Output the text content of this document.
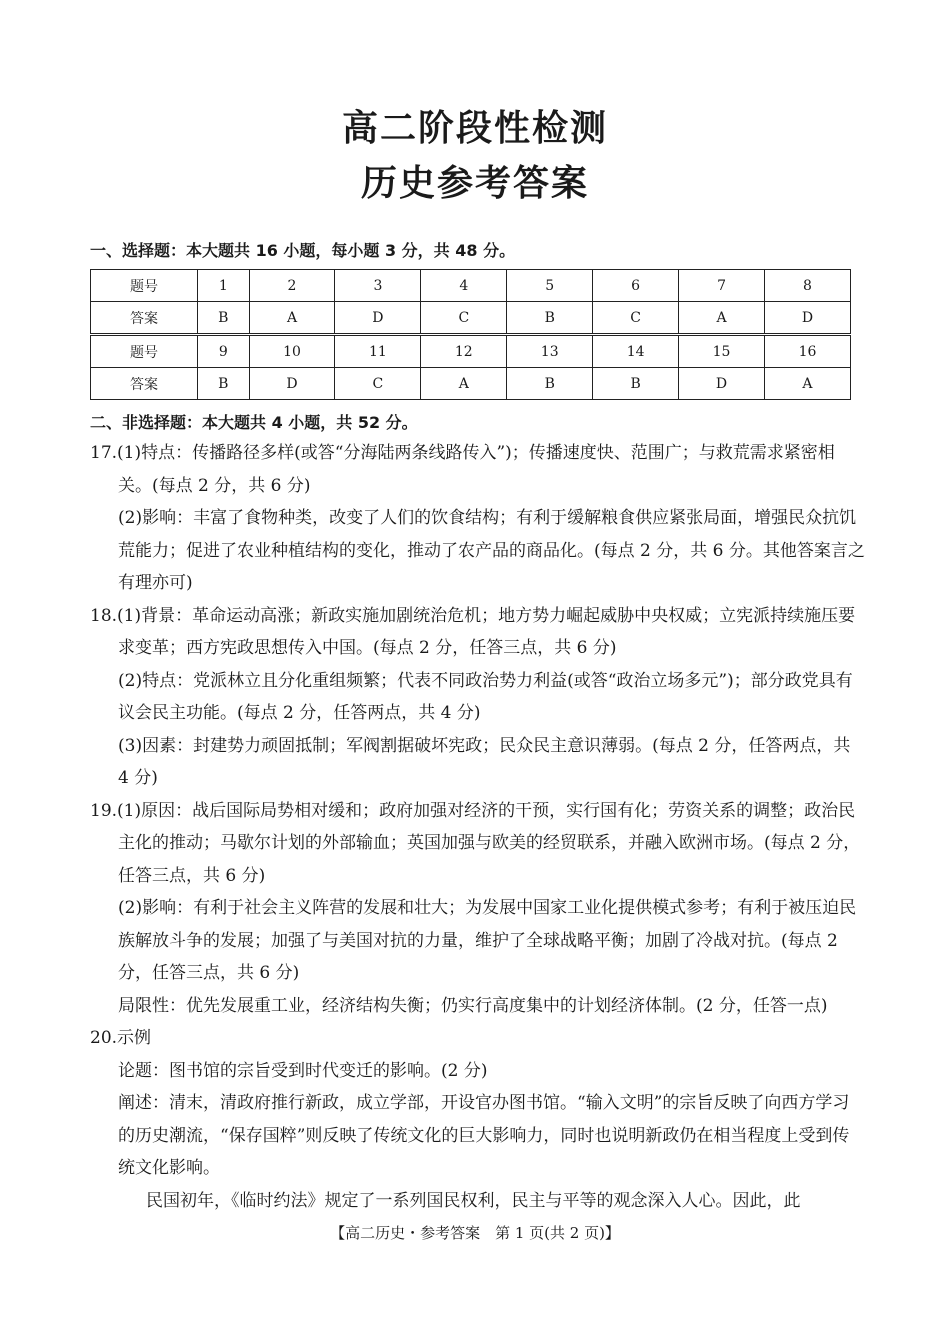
高二阶段性检测
历史参考答案
一、选择题：本大题共 16 小题，每小题 3 分，共 48 分。
题号	1	2	3	4	5	6	7	8
答案	B	A	D	C	B	C	A	D
题号	9	10	11	12	13	14	15	16
答案	B	D	C	A	B	B	D	A
二、非选择题：本大题共 4 小题，共 52 分。

17.(1)特点：传播路径多样(或答“分海陆两条线路传入”)；传播速度快、范围广；与救荒需求紧密相关。(每点 2 分，共 6 分)

(2)影响：丰富了食物种类，改变了人们的饮食结构；有利于缓解粮食供应紧张局面，增强民众抗饥荒能力；促进了农业种植结构的变化，推动了农产品的商品化。(每点 2 分，共 6 分。其他答案言之有理亦可)

18.(1)背景：革命运动高涨；新政实施加剧统治危机；地方势力崛起威胁中央权威；立宪派持续施压要求变革；西方宪政思想传入中国。(每点 2 分，任答三点，共 6 分)

(2)特点：党派林立且分化重组频繁；代表不同政治势力利益(或答“政治立场多元”)；部分政党具有议会民主功能。(每点 2 分，任答两点，共 4 分)

(3)因素：封建势力顽固抵制；军阀割据破坏宪政；民众民主意识薄弱。(每点 2 分，任答两点，共 4 分)

19.(1)原因：战后国际局势相对缓和；政府加强对经济的干预，实行国有化；劳资关系的调整；政治民主化的推动；马歇尔计划的外部输血；英国加强与欧美的经贸联系，并融入欧洲市场。(每点 2 分，任答三点，共 6 分)

(2)影响：有利于社会主义阵营的发展和壮大；为发展中国家工业化提供模式参考；有利于被压迫民族解放斗争的发展；加强了与美国对抗的力量，维护了全球战略平衡；加剧了冷战对抗。(每点 2 分，任答三点，共 6 分)

局限性：优先发展重工业，经济结构失衡；仍实行高度集中的计划经济体制。(2 分，任答一点)

20.示例

论题：图书馆的宗旨受到时代变迁的影响。(2 分)

阐述：清末，清政府推行新政，成立学部，开设官办图书馆。“输入文明”的宗旨反映了向西方学习的历史潮流，“保存国粹”则反映了传统文化的巨大影响力，同时也说明新政仍在相当程度上受到传统文化影响。

民国初年，《临时约法》规定了一系列国民权利，民主与平等的观念深入人心。因此，此

【高二历史・参考答案　第 1 页(共 2 页)】
